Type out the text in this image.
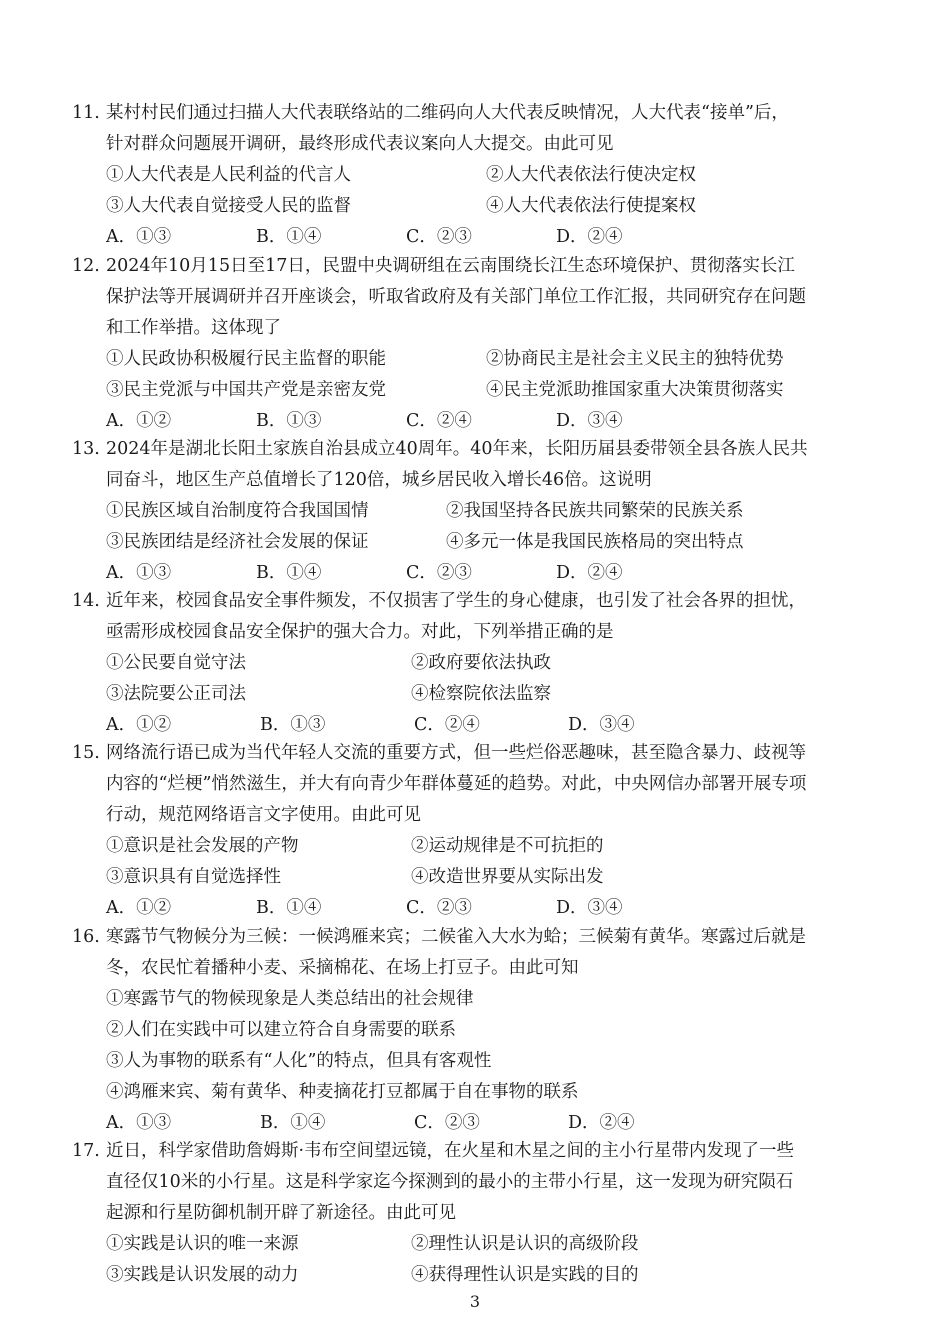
11. 某村村民们通过扫描人大代表联络站的二维码向人大代表反映情况，人大代表“接单”后，
针对群众问题展开调研，最终形成代表议案向人大提交。由此可见
①人大代表是人民利益的代言人	②人大代表依法行使决定权
③人大代表自觉接受人民的监督	④人大代表依法行使提案权
A．①③	B．①④	C．②③	D．②④
12. 2024年10月15日至17日，民盟中央调研组在云南围绕长江生态环境保护、贯彻落实长江
保护法等开展调研并召开座谈会，听取省政府及有关部门单位工作汇报，共同研究存在问题
和工作举措。这体现了
①人民政协积极履行民主监督的职能	②协商民主是社会主义民主的独特优势
③民主党派与中国共产党是亲密友党	④民主党派助推国家重大决策贯彻落实
A．①②	B．①③	C．②④	D．③④
13. 2024年是湖北长阳土家族自治县成立40周年。40年来，长阳历届县委带领全县各族人民共
同奋斗，地区生产总值增长了120倍，城乡居民收入增长46倍。这说明
①民族区域自治制度符合我国国情	②我国坚持各民族共同繁荣的民族关系
③民族团结是经济社会发展的保证	④多元一体是我国民族格局的突出特点
A．①③	B．①④	C．②③	D．②④
14. 近年来，校园食品安全事件频发，不仅损害了学生的身心健康，也引发了社会各界的担忧，
亟需形成校园食品安全保护的强大合力。对此，下列举措正确的是
①公民要自觉守法	②政府要依法执政
③法院要公正司法	④检察院依法监察
A．①②	B．①③	C．②④	D．③④
15. 网络流行语已成为当代年轻人交流的重要方式，但一些烂俗恶趣味，甚至隐含暴力、歧视等
内容的“烂梗”悄然滋生，并大有向青少年群体蔓延的趋势。对此，中央网信办部署开展专项
行动，规范网络语言文字使用。由此可见
①意识是社会发展的产物	②运动规律是不可抗拒的
③意识具有自觉选择性	④改造世界要从实际出发
A．①②	B．①④	C．②③	D．③④
16. 寒露节气物候分为三候：一候鸿雁来宾；二候雀入大水为蛤；三候菊有黄华。寒露过后就是
冬，农民忙着播种小麦、采摘棉花、在场上打豆子。由此可知
①寒露节气的物候现象是人类总结出的社会规律
②人们在实践中可以建立符合自身需要的联系
③人为事物的联系有“人化”的特点，但具有客观性
④鸿雁来宾、菊有黄华、种麦摘花打豆都属于自在事物的联系
A．①③	B．①④	C．②③	D．②④
17. 近日，科学家借助詹姆斯·韦布空间望远镜，在火星和木星之间的主小行星带内发现了一些
直径仅10米的小行星。这是科学家迄今探测到的最小的主带小行星，这一发现为研究陨石
起源和行星防御机制开辟了新途径。由此可见
①实践是认识的唯一来源	②理性认识是认识的高级阶段
③实践是认识发展的动力	④获得理性认识是实践的目的
3
